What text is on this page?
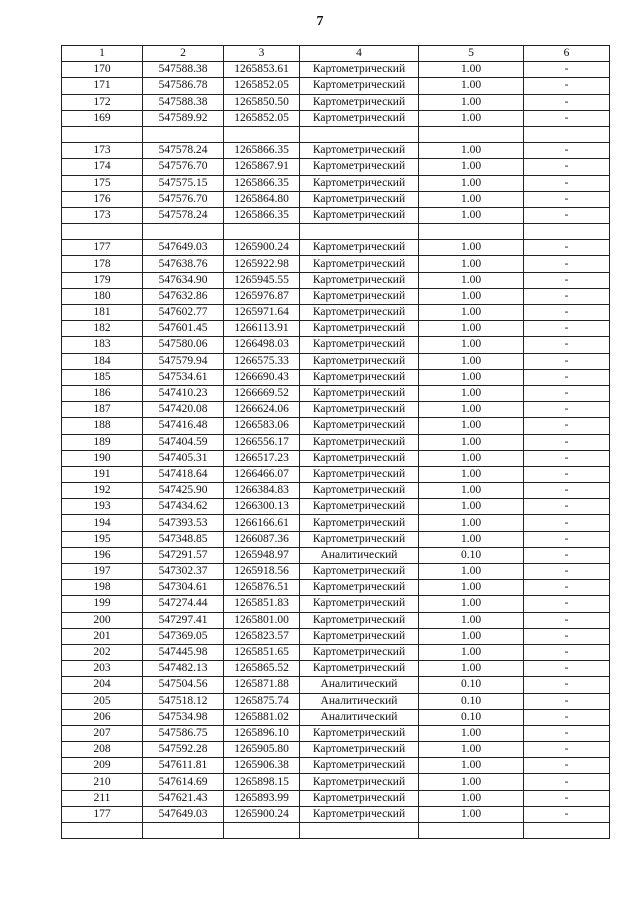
7
1	2	3	4	5	6
170	547588.38	1265853.61	Картометрический	1.00	-
171	547586.78	1265852.05	Картометрический	1.00	-
172	547588.38	1265850.50	Картометрический	1.00	-
169	547589.92	1265852.05	Картометрический	1.00	-

173	547578.24	1265866.35	Картометрический	1.00	-
174	547576.70	1265867.91	Картометрический	1.00	-
175	547575.15	1265866.35	Картометрический	1.00	-
176	547576.70	1265864.80	Картометрический	1.00	-
173	547578.24	1265866.35	Картометрический	1.00	-

177	547649.03	1265900.24	Картометрический	1.00	-
178	547638.76	1265922.98	Картометрический	1.00	-
179	547634.90	1265945.55	Картометрический	1.00	-
180	547632.86	1265976.87	Картометрический	1.00	-
181	547602.77	1265971.64	Картометрический	1.00	-
182	547601.45	1266113.91	Картометрический	1.00	-
183	547580.06	1266498.03	Картометрический	1.00	-
184	547579.94	1266575.33	Картометрический	1.00	-
185	547534.61	1266690.43	Картометрический	1.00	-
186	547410.23	1266669.52	Картометрический	1.00	-
187	547420.08	1266624.06	Картометрический	1.00	-
188	547416.48	1266583.06	Картометрический	1.00	-
189	547404.59	1266556.17	Картометрический	1.00	-
190	547405.31	1266517.23	Картометрический	1.00	-
191	547418.64	1266466.07	Картометрический	1.00	-
192	547425.90	1266384.83	Картометрический	1.00	-
193	547434.62	1266300.13	Картометрический	1.00	-
194	547393.53	1266166.61	Картометрический	1.00	-
195	547348.85	1266087.36	Картометрический	1.00	-
196	547291.57	1265948.97	Аналитический	0.10	-
197	547302.37	1265918.56	Картометрический	1.00	-
198	547304.61	1265876.51	Картометрический	1.00	-
199	547274.44	1265851.83	Картометрический	1.00	-
200	547297.41	1265801.00	Картометрический	1.00	-
201	547369.05	1265823.57	Картометрический	1.00	-
202	547445.98	1265851.65	Картометрический	1.00	-
203	547482.13	1265865.52	Картометрический	1.00	-
204	547504.56	1265871.88	Аналитический	0.10	-
205	547518.12	1265875.74	Аналитический	0.10	-
206	547534.98	1265881.02	Аналитический	0.10	-
207	547586.75	1265896.10	Картометрический	1.00	-
208	547592.28	1265905.80	Картометрический	1.00	-
209	547611.81	1265906.38	Картометрический	1.00	-
210	547614.69	1265898.15	Картометрический	1.00	-
211	547621.43	1265893.99	Картометрический	1.00	-
177	547649.03	1265900.24	Картометрический	1.00	-
